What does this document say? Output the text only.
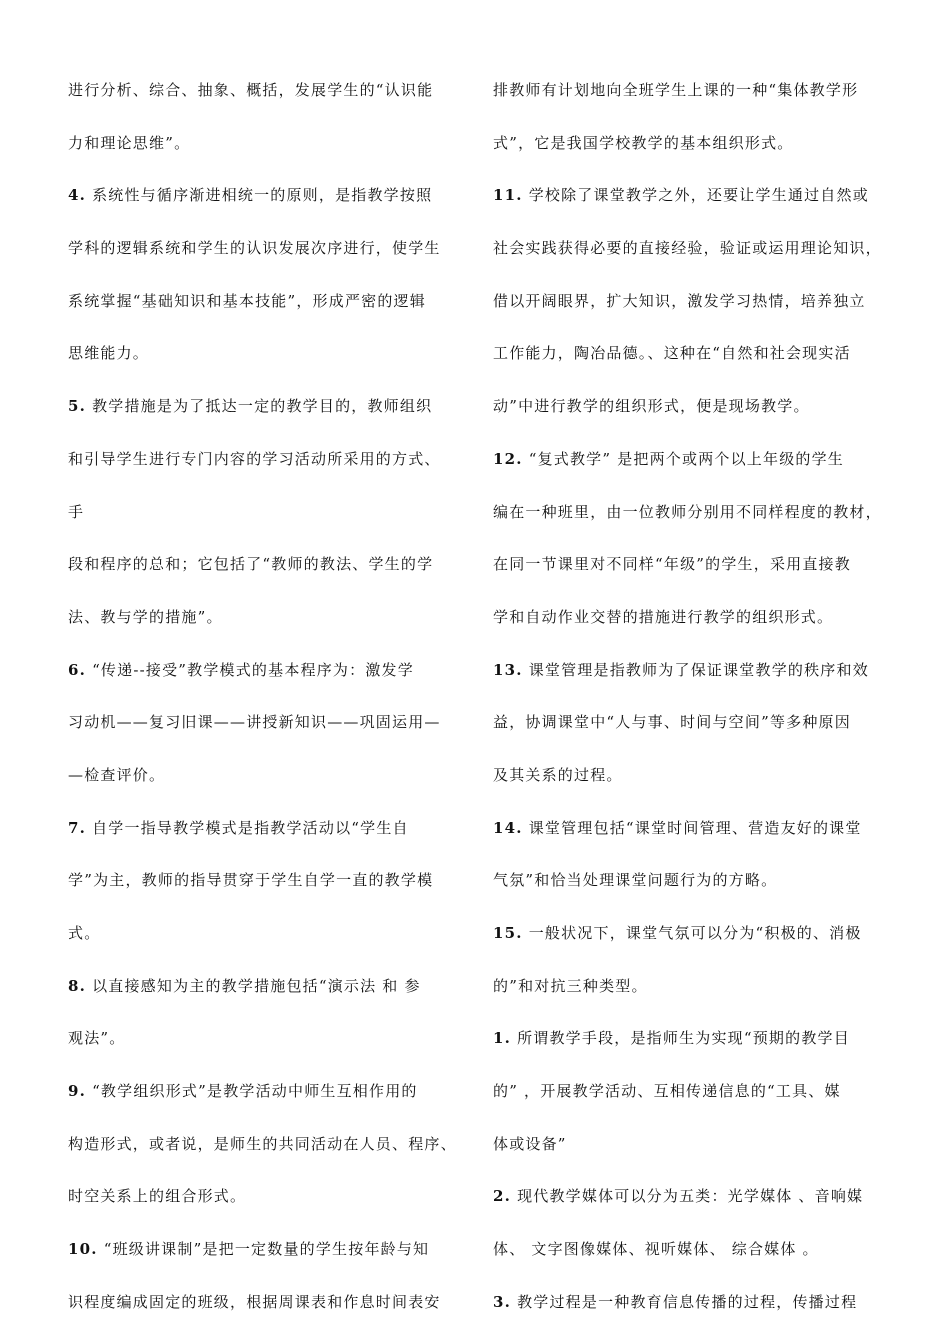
进行分析、综合、抽象、概括，发展学生的“认识能
力和理论思维”。
4. 系统性与循序渐进相统一的原则，是指教学按照
学科的逻辑系统和学生的认识发展次序进行，使学生
系统掌握“基础知识和基本技能”，形成严密的逻辑
思维能力。
5. 教学措施是为了抵达一定的教学目的，教师组织
和引导学生进行专门内容的学习活动所采用的方式、
手
段和程序的总和；它包括了“教师的教法、学生的学
法、教与学的措施”。
6. “传递--接受”教学模式的基本程序为：激发学
习动机——复习旧课——讲授新知识——巩固运用—
—检查评价。
7. 自学一指导教学模式是指教学活动以“学生自
学”为主，教师的指导贯穿于学生自学一直的教学模
式。
8. 以直接感知为主的教学措施包括“演示法 和 参
观法”。
9. “教学组织形式”是教学活动中师生互相作用的
构造形式，或者说，是师生的共同活动在人员、程序、
时空关系上的组合形式。
10. “班级讲课制”是把一定数量的学生按年龄与知
识程度编成固定的班级，根据周课表和作息时间表安
排教师有计划地向全班学生上课的一种“集体教学形
式”，它是我国学校教学的基本组织形式。
11. 学校除了课堂教学之外，还要让学生通过自然或
社会实践获得必要的直接经验，验证或运用理论知识，
借以开阔眼界，扩大知识，激发学习热情，培养独立
工作能力，陶冶品德。、这种在“自然和社会现实活
动”中进行教学的组织形式，便是现场教学。
12. “复式教学” 是把两个或两个以上年级的学生
编在一种班里，由一位教师分别用不同样程度的教材，
在同一节课里对不同样“年级”的学生，采用直接教
学和自动作业交替的措施进行教学的组织形式。
13. 课堂管理是指教师为了保证课堂教学的秩序和效
益，协调课堂中“人与事、时间与空间”等多种原因
及其关系的过程。
14. 课堂管理包括“课堂时间管理、营造友好的课堂
气氛”和恰当处理课堂问题行为的方略。
15. 一般状况下，课堂气氛可以分为“积极的、消极
的”和对抗三种类型。
1. 所谓教学手段，是指师生为实现“预期的教学目
的” ，开展教学活动、互相传递信息的“工具、媒
体或设备”
2. 现代教学媒体可以分为五类：光学媒体 、音响媒
体、 文字图像媒体、视听媒体、 综合媒体 。
3. 教学过程是一种教育信息传播的过程，传播过程
